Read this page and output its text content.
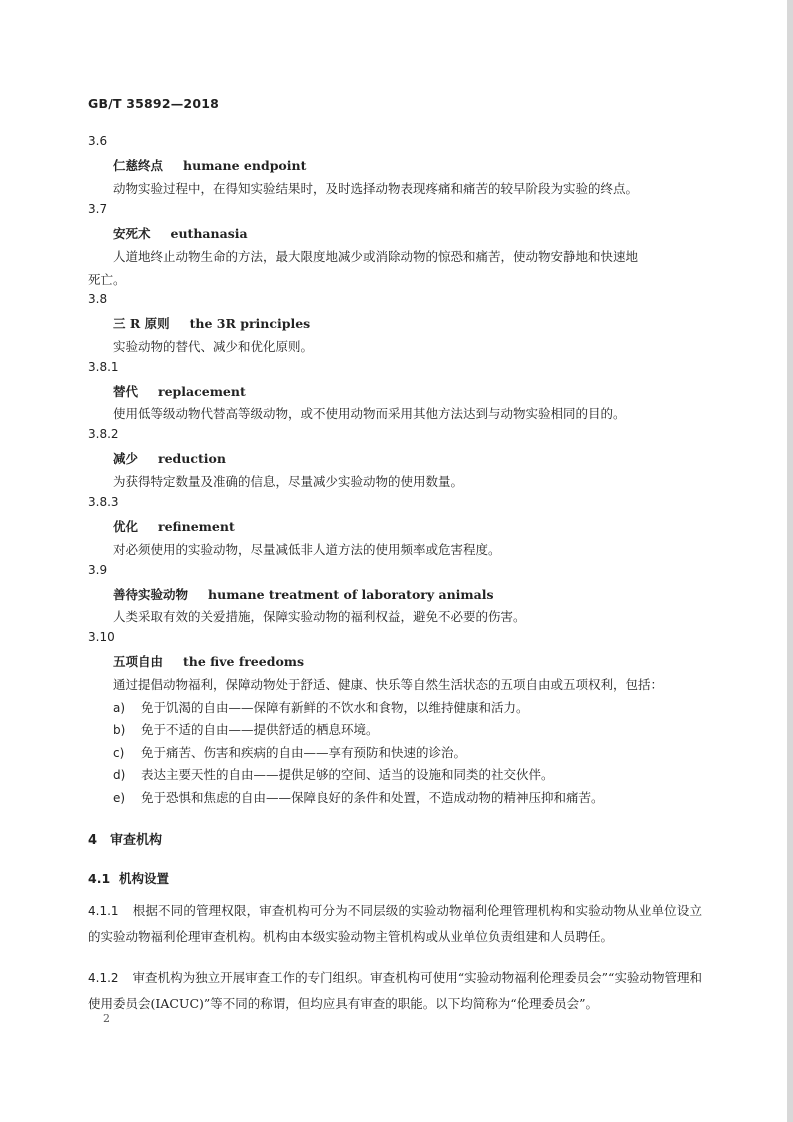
GB/T 35892—2018
3.6
仁慈终点 humane endpoint
动物实验过程中，在得知实验结果时，及时选择动物表现疼痛和痛苦的较早阶段为实验的终点。
3.7
安死术 euthanasia
人道地终止动物生命的方法，最大限度地减少或消除动物的惊恐和痛苦，使动物安静地和快速地
死亡。
3.8
三 R 原则 the 3R principles
实验动物的替代、减少和优化原则。
3.8.1
替代 replacement
使用低等级动物代替高等级动物，或不使用动物而采用其他方法达到与动物实验相同的目的。
3.8.2
减少 reduction
为获得特定数量及准确的信息，尽量减少实验动物的使用数量。
3.8.3
优化 refinement
对必须使用的实验动物，尽量减低非人道方法的使用频率或危害程度。
3.9
善待实验动物 humane treatment of laboratory animals
人类采取有效的关爱措施，保障实验动物的福利权益，避免不必要的伤害。
3.10
五项自由 the five freedoms
通过提倡动物福利，保障动物处于舒适、健康、快乐等自然生活状态的五项自由或五项权利，包括：
a) 免于饥渴的自由——保障有新鲜的不饮水和食物，以维持健康和活力。
b) 免于不适的自由——提供舒适的栖息环境。
c) 免于痛苦、伤害和疾病的自由——享有预防和快速的诊治。
d) 表达主要天性的自由——提供足够的空间、适当的设施和同类的社交伙伴。
e) 免于恐惧和焦虑的自由——保障良好的条件和处置，不造成动物的精神压抑和痛苦。
4 审查机构
4.1 机构设置
4.1.1 根据不同的管理权限，审查机构可分为不同层级的实验动物福利伦理管理机构和实验动物从业单位设立的实验动物福利伦理审查机构。机构由本级实验动物主管机构或从业单位负责组建和人员聘任。
4.1.2 审查机构为独立开展审查工作的专门组织。审查机构可使用“实验动物福利伦理委员会”“实验动物管理和使用委员会(IACUC)”等不同的称谓，但均应具有审查的职能。以下均简称为“伦理委员会”。
2
